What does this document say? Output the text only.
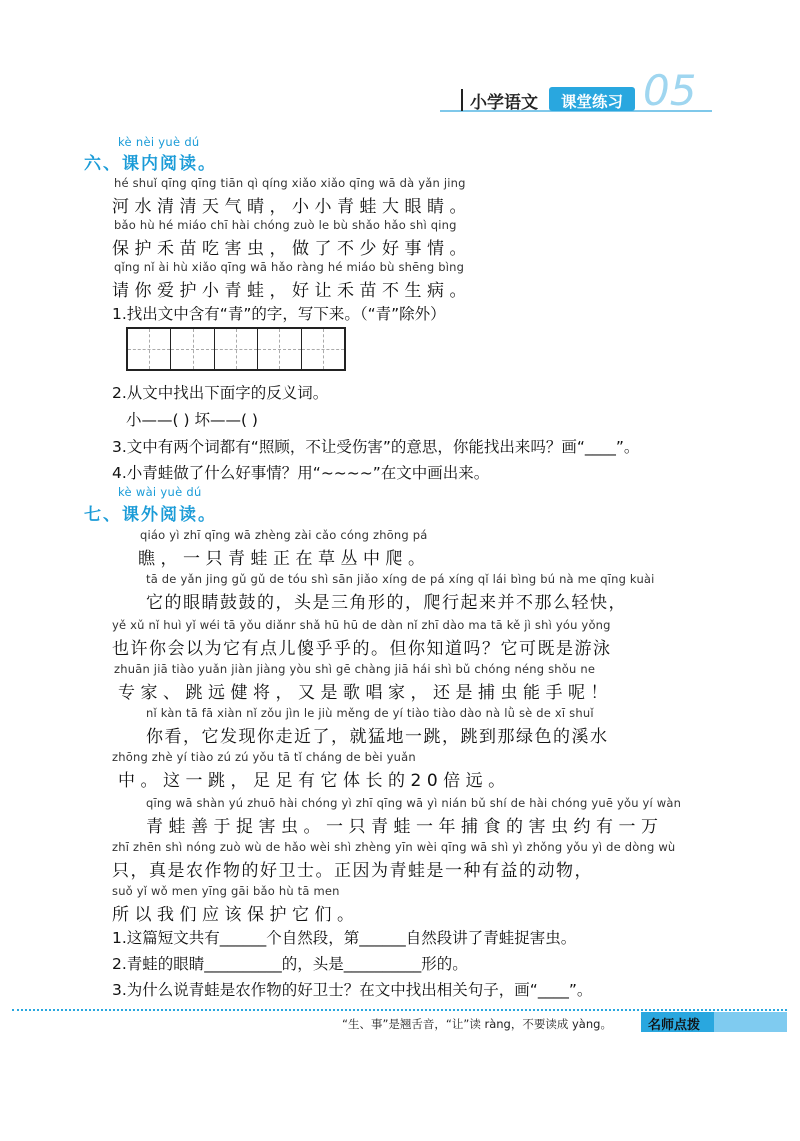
小学语文	课堂练习 05
kè nèi yuè dú
六、课内阅读。
hé shuǐ qīng qīng tiān qì qíng xiǎo xiǎo qīng wā dà yǎn jing
河水清清天气晴，小小青蛙大眼睛。
bǎo hù hé miáo chī hài chóng zuò le bù shǎo hǎo shì qing
保护禾苗吃害虫，做了不少好事情。
qǐng nǐ ài hù xiǎo qīng wā hǎo ràng hé miáo bù shēng bìng
请你爱护小青蛙，好让禾苗不生病。
1.找出文中含有“青”的字，写下来。（“青”除外）
2.从文中找出下面字的反义词。
小——( ) 坏——( )
3.文中有两个词都有“照顾，不让受伤害”的意思，你能找出来吗？画“____”。
4.小青蛙做了什么好事情？用“~~~~”在文中画出来。
kè wài yuè dú
七、课外阅读。
qiáo yì zhī qīng wā zhèng zài cǎo cóng zhōng pá
瞧，一只青蛙正在草丛中爬。
tā de yǎn jing gǔ gǔ de tóu shì sān jiǎo xíng de pá xíng qǐ lái bìng bú nà me qīng kuài
它的眼睛鼓鼓的，头是三角形的，爬行起来并不那么轻快，
yě xǔ nǐ huì yǐ wéi tā yǒu diǎnr shǎ hū hū de dàn nǐ zhī dào ma tā kě jì shì yóu yǒng
也许你会以为它有点儿傻乎乎的。但你知道吗？它可既是游泳
zhuān jiā tiào yuǎn jiàn jiàng yòu shì gē chàng jiā hái shì bǔ chóng néng shǒu ne
专家、跳远健将，又是歌唱家，还是捕虫能手呢！
nǐ kàn tā fā xiàn nǐ zǒu jìn le jiù měng de yí tiào tiào dào nà lǜ sè de xī shuǐ
你看，它发现你走近了，就猛地一跳，跳到那绿色的溪水
zhōng zhè yí tiào zú zú yǒu tā tǐ cháng de bèi yuǎn
中。这一跳，足足有它体长的20倍远。
qīng wā shàn yú zhuō hài chóng yì zhī qīng wā yì nián bǔ shí de hài chóng yuē yǒu yí wàn
青蛙善于捉害虫。一只青蛙一年捕食的害虫约有一万
zhī zhēn shì nóng zuò wù de hǎo wèi shì zhèng yīn wèi qīng wā shì yì zhǒng yǒu yì de dòng wù
只，真是农作物的好卫士。正因为青蛙是一种有益的动物，
suǒ yǐ wǒ men yīng gāi bǎo hù tā men
所以我们应该保护它们。
1.这篇短文共有______个自然段，第______自然段讲了青蛙捉害虫。
2.青蛙的眼睛__________的，头是__________形的。
3.为什么说青蛙是农作物的好卫士？在文中找出相关句子，画“____”。
“生、事”是翘舌音，“让”读 ràng，不要读成 yàng。	名师点拨
